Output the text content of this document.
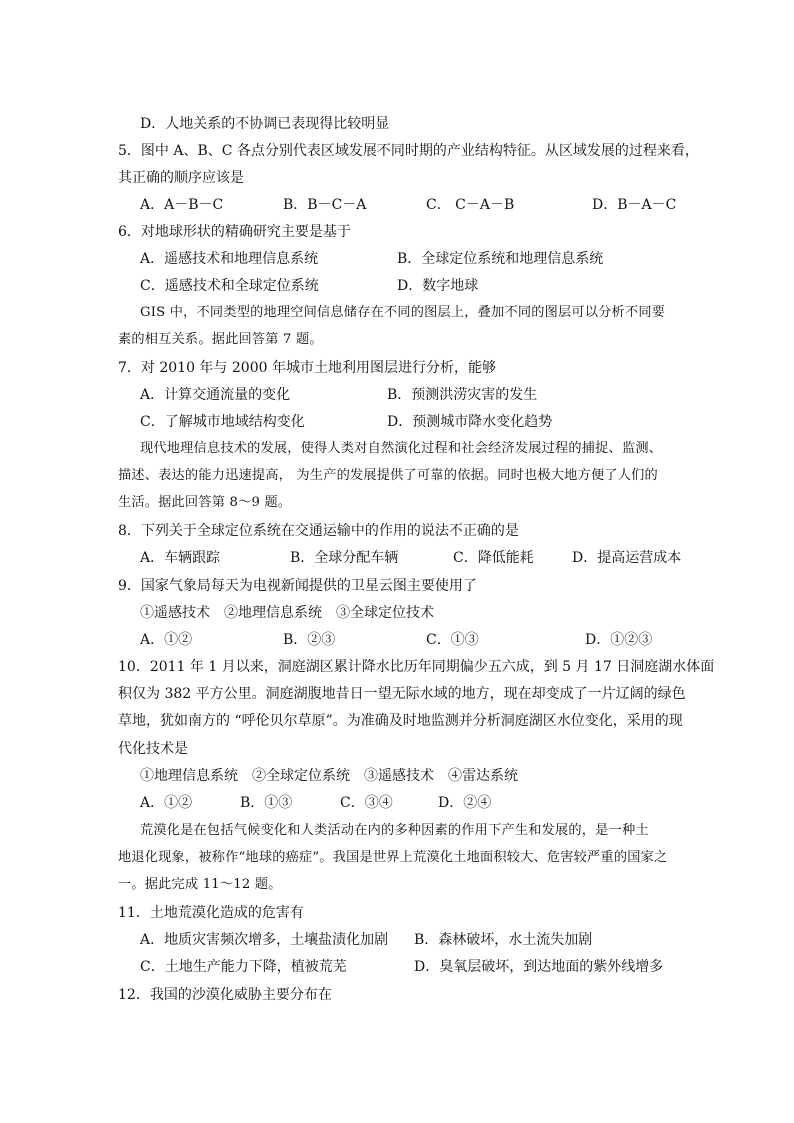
D．人地关系的不协调已表现得比较明显
5．图中 A、B、C 各点分别代表区域发展不同时期的产业结构特征。从区域发展的过程来看，
其正确的顺序应该是
A．A－B－C	B．B－C－A	C． C－A－B	D．B－A－C
6．对地球形状的精确研究主要是基于
A．遥感技术和地理信息系统	B．全球定位系统和地理信息系统
C．遥感技术和全球定位系统	D．数字地球
GIS 中，不同类型的地理空间信息储存在不同的图层上，叠加不同的图层可以分析不同要
素的相互关系。据此回答第 7 题。
7．对 2010 年与 2000 年城市土地利用图层进行分析，能够
A．计算交通流量的变化	B．预测洪涝灾害的发生
C．了解城市地域结构变化	D．预测城市降水变化趋势
现代地理信息技术的发展，使得人类对自然演化过程和社会经济发展过程的捕捉、监测、
描述、表达的能力迅速提高， 为生产的发展提供了可靠的依据。同时也极大地方便了人们的
生活。据此回答第 8～9 题。
8．下列关于全球定位系统在交通运输中的作用的说法不正确的是
A．车辆跟踪	B．全球分配车辆	C．降低能耗	D．提高运营成本
9．国家气象局每天为电视新闻提供的卫星云图主要使用了
①遥感技术　②地理信息系统　③全球定位技术
A．①②	B．②③	C．①③	D．①②③
10．2011 年 1 月以来，洞庭湖区累计降水比历年同期偏少五六成，到 5 月 17 日洞庭湖水体面
积仅为 382 平方公里。洞庭湖腹地昔日一望无际水域的地方，现在却变成了一片辽阔的绿色
草地，犹如南方的 “呼伦贝尔草原”。为准确及时地监测并分析洞庭湖区水位变化，采用的现
代化技术是
①地理信息系统　②全球定位系统　③遥感技术　④雷达系统
A．①②	B．①③	C．③④	D．②④
荒漠化是在包括气候变化和人类活动在内的多种因素的作用下产生和发展的，是一种土
地退化现象，被称作“地球的癌症”。我国是世界上荒漠化土地面积较大、危害较严重的国家之
一。据此完成 11～12 题。
11．土地荒漠化造成的危害有
A．地质灾害频次增多，土壤盐渍化加剧 B．森林破坏，水土流失加剧
C．土地生产能力下降，植被荒芜	D．臭氧层破坏，到达地面的紫外线增多
12．我国的沙漠化威胁主要分布在
